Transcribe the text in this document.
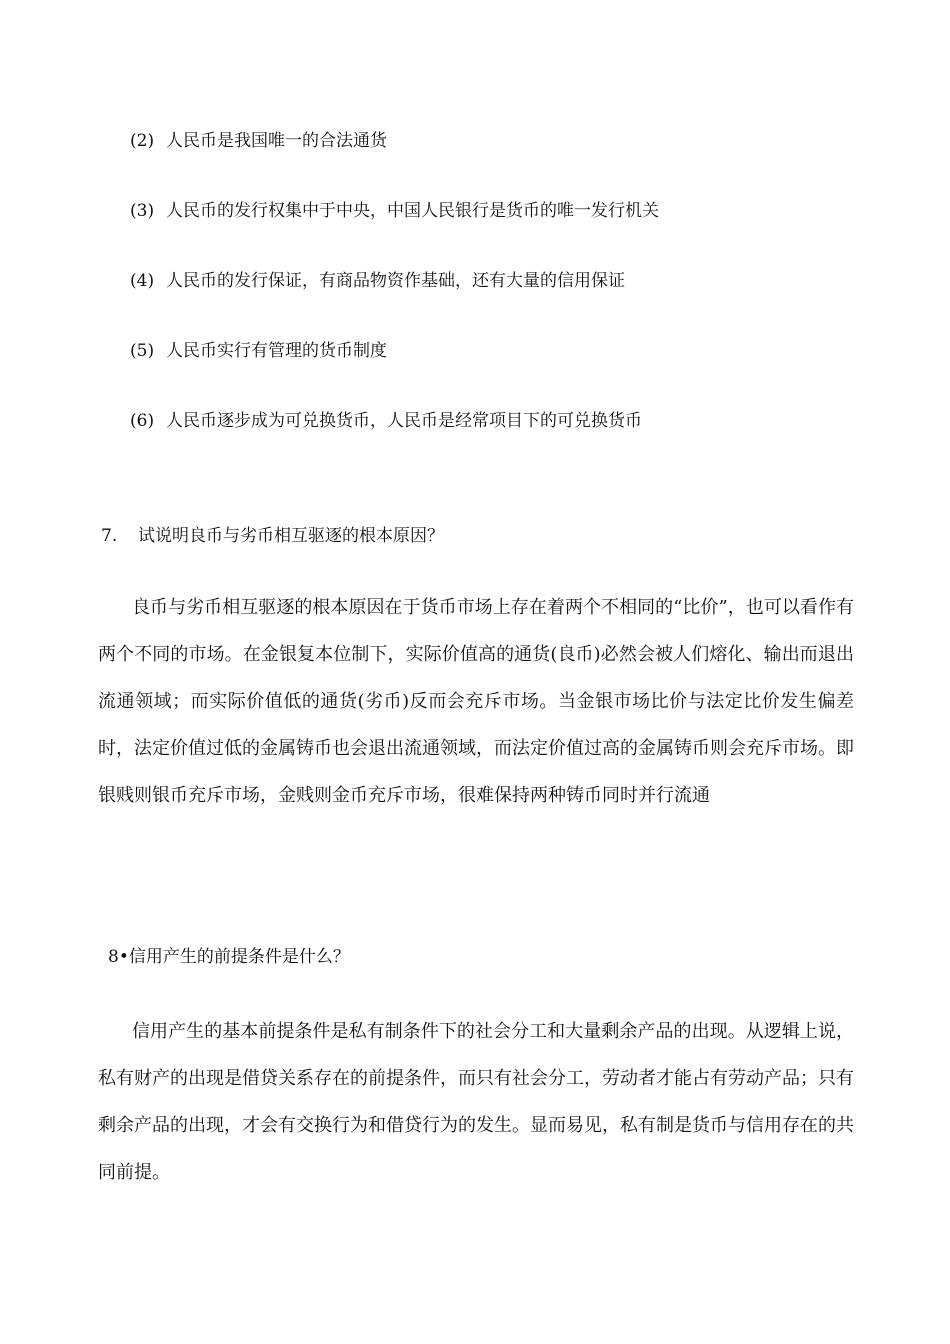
(2) 人民币是我国唯一的合法通货
(3) 人民币的发行权集中于中央，中国人民银行是货币的唯一发行机关
(4) 人民币的发行保证，有商品物资作基础，还有大量的信用保证
(5) 人民币实行有管理的货币制度
(6) 人民币逐步成为可兑换货币，人民币是经常项目下的可兑换货币
7. 试说明良币与劣币相互驱逐的根本原因？

良币与劣币相互驱逐的根本原因在于货币市场上存在着两个不相同的“比价”，也可以看作有两个不同的市场。在金银复本位制下，实际价值高的通货(良币)必然会被人们熔化、输出而退出流通领域；而实际价值低的通货(劣币)反而会充斥市场。当金银市场比价与法定比价发生偏差时，法定价值过低的金属铸币也会退出流通领域，而法定价值过高的金属铸币则会充斥市场。即银贱则银币充斥市场，金贱则金币充斥市场，很难保持两种铸币同时并行流通

8•信用产生的前提条件是什么？

信用产生的基本前提条件是私有制条件下的社会分工和大量剩余产品的出现。从逻辑上说，私有财产的出现是借贷关系存在的前提条件，而只有社会分工，劳动者才能占有劳动产品；只有剩余产品的出现，才会有交换行为和借贷行为的发生。显而易见，私有制是货币与信用存在的共同前提。
